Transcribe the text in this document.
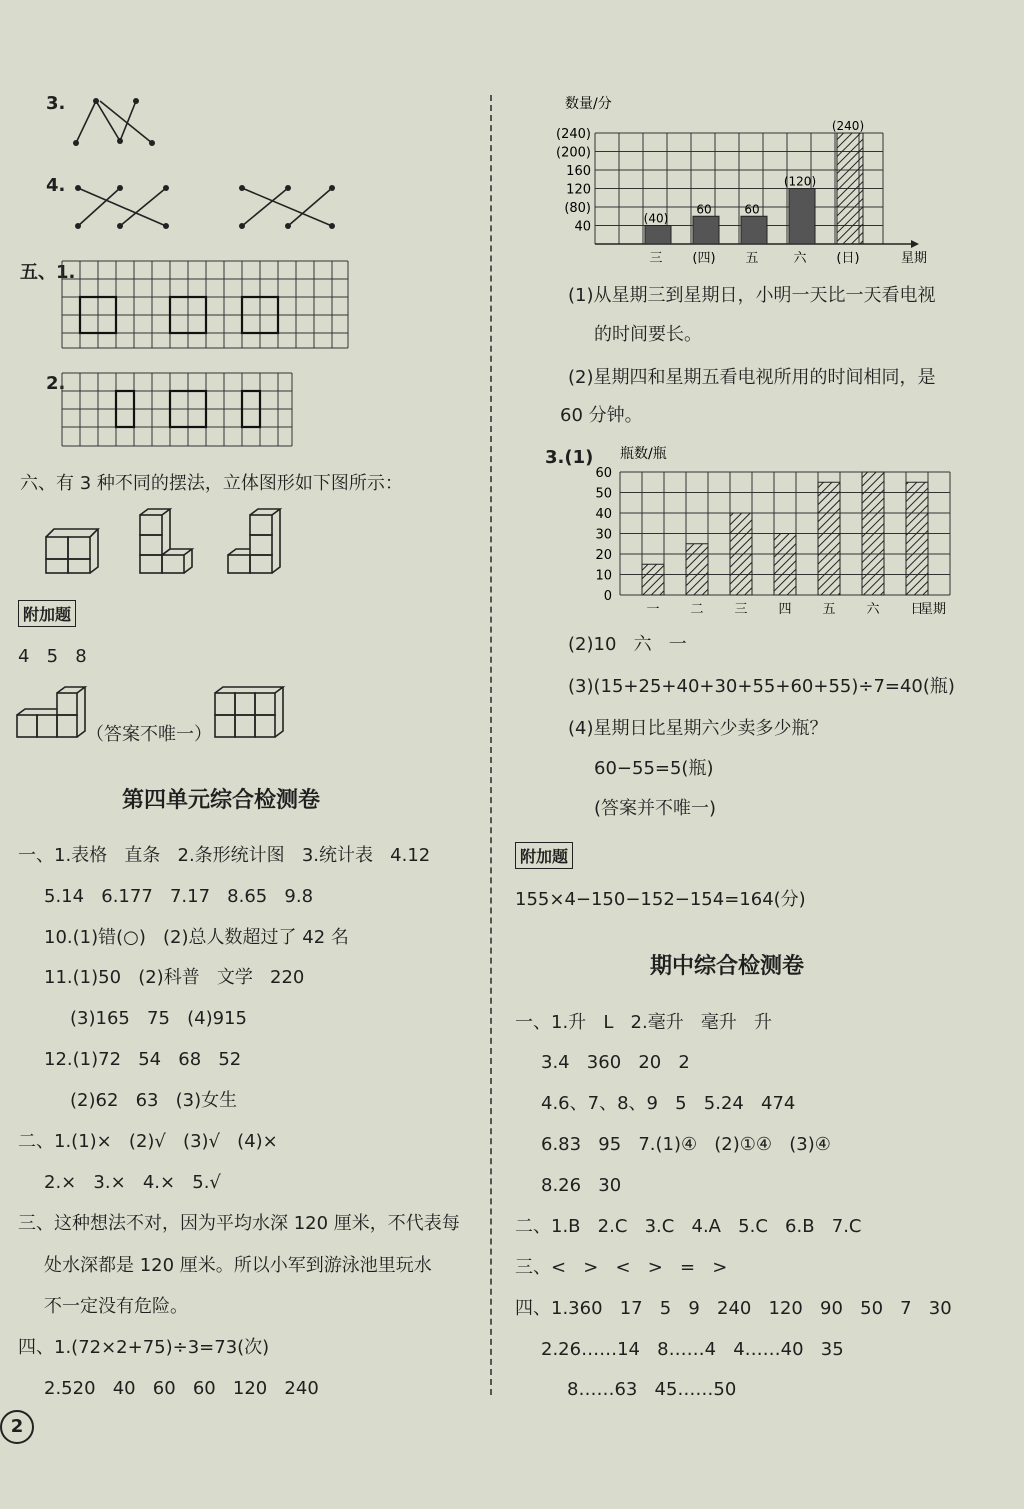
3.
4.
五、1.
2.
六、有 3 种不同的摆法，立体图形如下图所示：
附加题
4   5   8
（答案不唯一）
第四单元综合检测卷
一、1.表格   直条   2.条形统计图   3.统计表   4.12
5.14   6.177   7.17   8.65   9.8
10.(1)错(○)   (2)总人数超过了 42 名
11.(1)50   (2)科普   文学   220
(3)165   75   (4)915
12.(1)72   54   68   52
(2)62   63   (3)女生
二、1.(1)×   (2)√   (3)√   (4)×
2.×   3.×   4.×   5.√
三、这种想法不对，因为平均水深 120 厘米，不代表每
处水深都是 120 厘米。所以小军到游泳池里玩水
不一定没有危险。
四、1.(72×2+75)÷3=73(次)
2.520   40   60   60   120   240
数量/分
40
(80)
120
160
(200)
(240)
(40)
三
60
(四)
60
五
(120)
六
(240)
(日)	星期
(1)从星期三到星期日，小明一天比一天看电视
的时间要长。
(2)星期四和星期五看电视所用的时间相同，是
60 分钟。
3.(1) 瓶数/瓶
0
10
20
30
40
50
60
一 二 三 四 五 六 日
星期
(2)10   六   一
(3)(15+25+40+30+55+60+55)÷7=40(瓶)
(4)星期日比星期六少卖多少瓶？
60−55=5(瓶)
(答案并不唯一)
附加题
155×4−150−152−154=164(分)
期中综合检测卷
一、1.升   L   2.毫升   毫升   升
3.4   360   20   2
4.6、7、8、9   5   5.24   474
6.83   95   7.(1)④   (2)①④   (3)④
8.26   30
二、1.B   2.C   3.C   4.A   5.C   6.B   7.C
三、<   >   <   >   =   >
四、1.360   17   5   9   240   120   90   50   7   30
2.26……14   8……4   4……40   35
8……63   45……50
2
